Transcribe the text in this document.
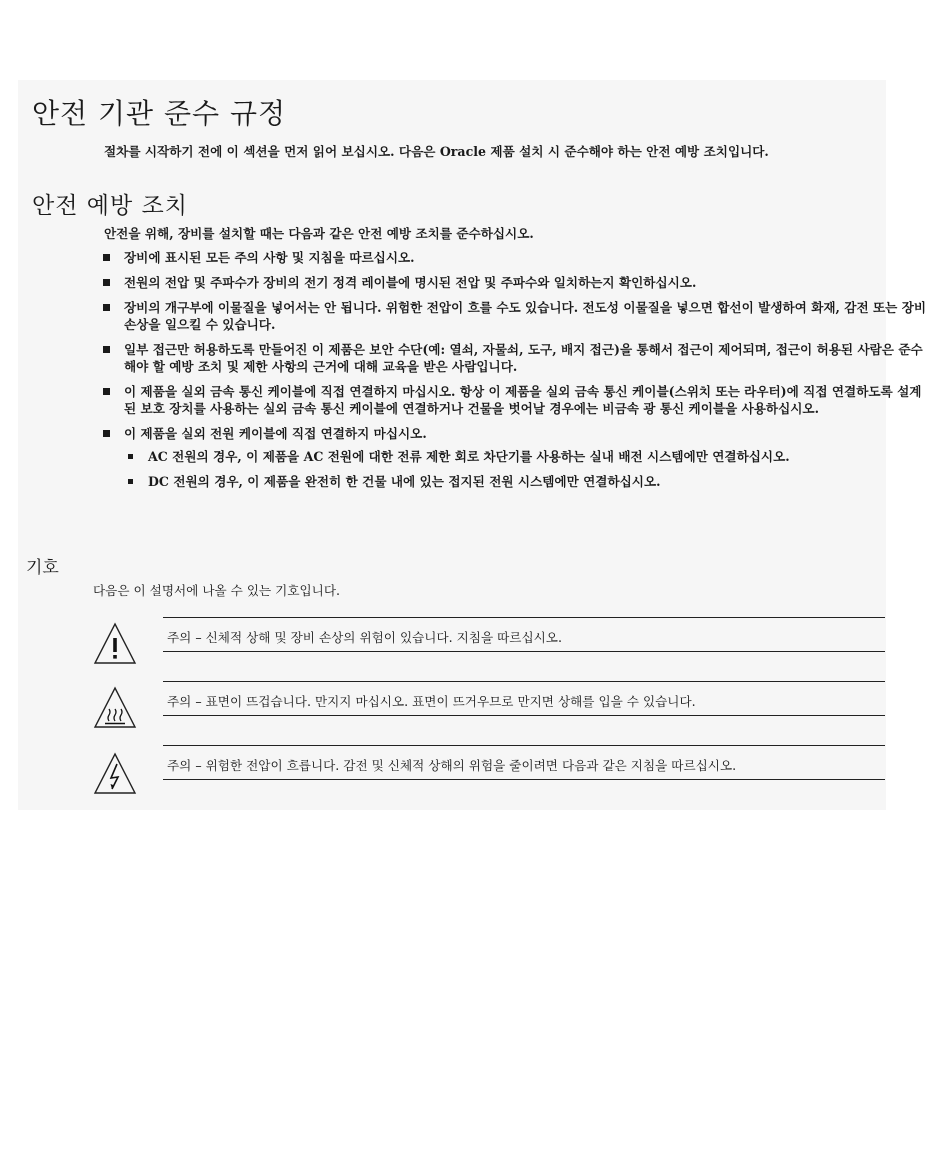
안전 기관 준수 규정

절차를 시작하기 전에 이 섹션을 먼저 읽어 보십시오. 다음은 Oracle 제품 설치 시 준수해야 하는 안전 예방 조치입니다.

안전 예방 조치

안전을 위해, 장비를 설치할 때는 다음과 같은 안전 예방 조치를 준수하십시오.

장비에 표시된 모든 주의 사항 및 지침을 따르십시오.
전원의 전압 및 주파수가 장비의 전기 정격 레이블에 명시된 전압 및 주파수와 일치하는지 확인하십시오.
장비의 개구부에 이물질을 넣어서는 안 됩니다. 위험한 전압이 흐를 수도 있습니다. 전도성 이물질을 넣으면 합선이 발생하여 화재, 감전 또는 장비 손상을 일으킬 수 있습니다.
일부 접근만 허용하도록 만들어진 이 제품은 보안 수단(예: 열쇠, 자물쇠, 도구, 배지 접근)을 통해서 접근이 제어되며, 접근이 허용된 사람은 준수해야 할 예방 조치 및 제한 사항의 근거에 대해 교육을 받은 사람입니다.
이 제품을 실외 금속 통신 케이블에 직접 연결하지 마십시오. 항상 이 제품을 실외 금속 통신 케이블(스위치 또는 라우터)에 직접 연결하도록 설계된 보호 장치를 사용하는 실외 금속 통신 케이블에 연결하거나 건물을 벗어날 경우에는 비금속 광 통신 케이블을 사용하십시오.
이 제품을 실외 전원 케이블에 직접 연결하지 마십시오.
AC 전원의 경우, 이 제품을 AC 전원에 대한 전류 제한 회로 차단기를 사용하는 실내 배전 시스템에만 연결하십시오.
DC 전원의 경우, 이 제품을 완전히 한 건물 내에 있는 접지된 전원 시스템에만 연결하십시오.
기호

다음은 이 설명서에 나올 수 있는 기호입니다.

주의 – 신체적 상해 및 장비 손상의 위험이 있습니다. 지침을 따르십시오.
주의 – 표면이 뜨겁습니다. 만지지 마십시오. 표면이 뜨거우므로 만지면 상해를 입을 수 있습니다.
주의 – 위험한 전압이 흐릅니다. 감전 및 신체적 상해의 위험을 줄이려면 다음과 같은 지침을 따르십시오.
